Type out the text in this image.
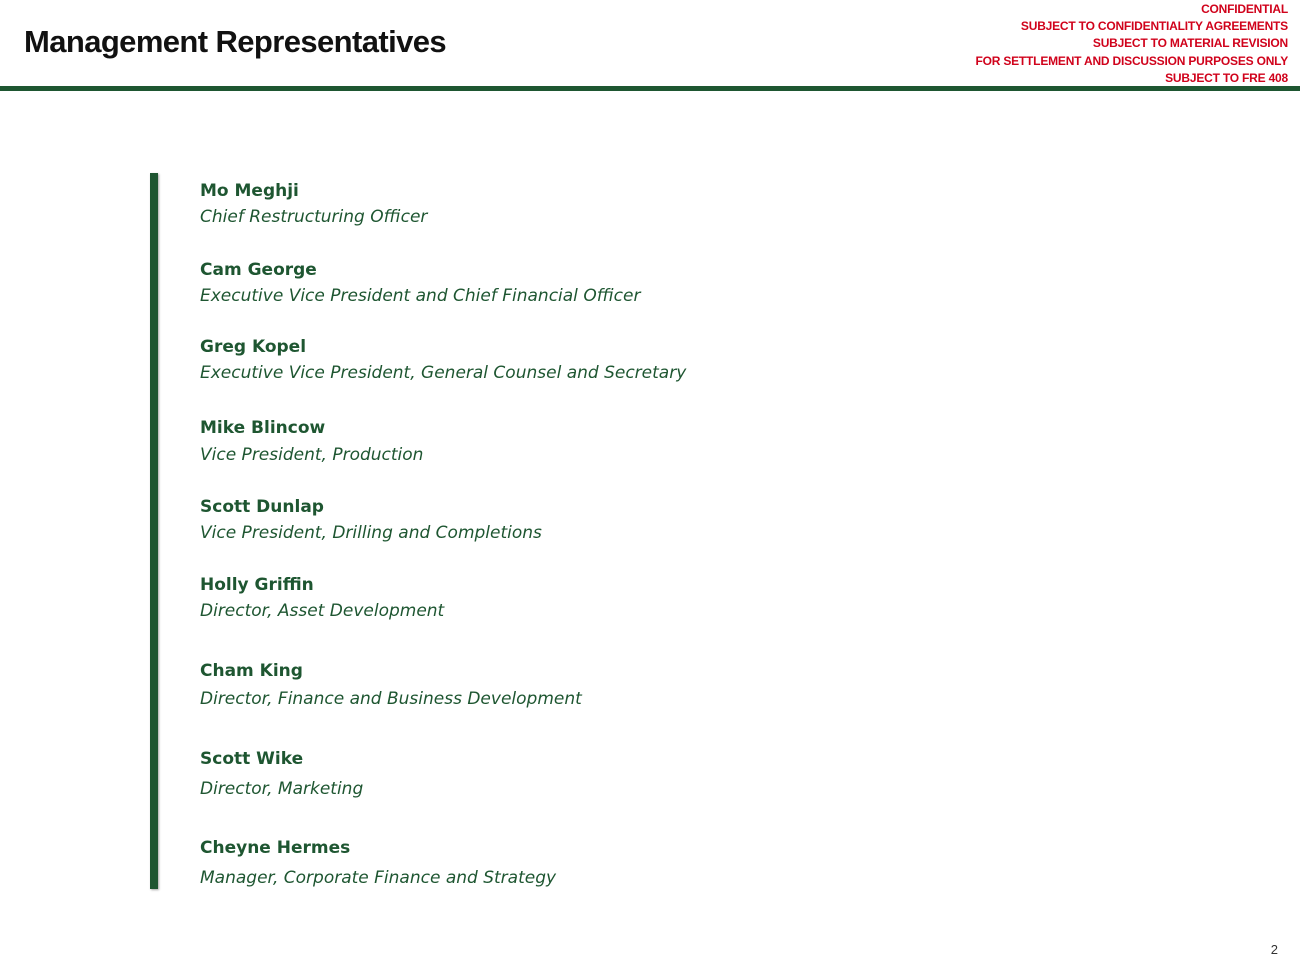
Management Representatives
CONFIDENTIAL
SUBJECT TO CONFIDENTIALITY AGREEMENTS
SUBJECT TO MATERIAL REVISION
FOR SETTLEMENT AND DISCUSSION PURPOSES ONLY
SUBJECT TO FRE 408
Mo Meghji
Chief Restructuring Officer
Cam George
Executive Vice President and Chief Financial Officer
Greg Kopel
Executive Vice President, General Counsel and Secretary
Mike Blincow
Vice President, Production
Scott Dunlap
Vice President, Drilling and Completions
Holly Griffin
Director, Asset Development
Cham King
Director, Finance and Business Development
Scott Wike
Director, Marketing
Cheyne Hermes
Manager, Corporate Finance and Strategy
2
